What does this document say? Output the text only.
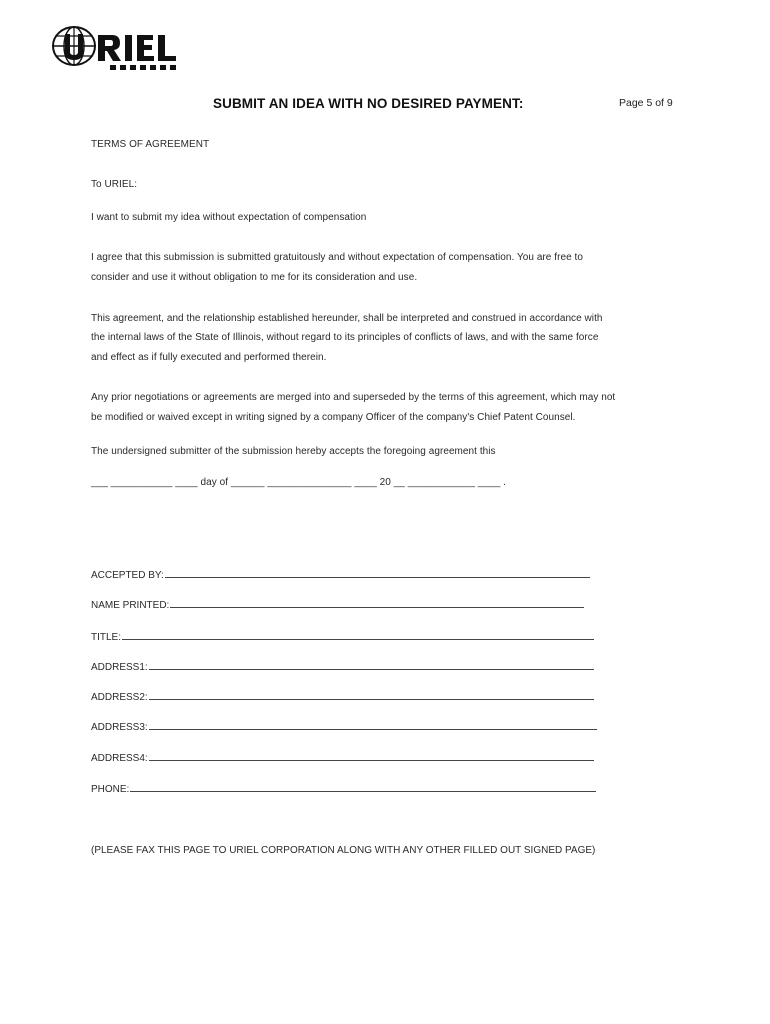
SUBMIT AN IDEA WITH NO DESIRED PAYMENT:	Page 5 of 9
TERMS OF AGREEMENT
To URIEL:
I want to submit my idea without expectation of compensation
I agree that this submission is submitted gratuitously and without expectation of compensation. You are free to
consider and use it without obligation to me for its consideration and use.
This agreement, and the relationship established hereunder, shall be interpreted and construed in accordance with
the internal laws of the State of Illinois, without regard to its principles of conflicts of laws, and with the same force
and effect as if fully executed and performed therein.
Any prior negotiations or agreements are merged into and superseded by the terms of this agreement, which may not
be modified or waived except in writing signed by a company Officer of the company's Chief Patent Counsel.
The undersigned submitter of the submission hereby accepts the foregoing agreement this
___ ___________ ____ day of ______ _______________ ____ 20 __ ____________ ____ .
ACCEPTED BY:
NAME PRINTED:
TITLE:
ADDRESS1:
ADDRESS2:
ADDRESS3:
ADDRESS4:
PHONE:
(PLEASE FAX THIS PAGE TO URIEL CORPORATION ALONG WITH ANY OTHER FILLED OUT SIGNED PAGE)
